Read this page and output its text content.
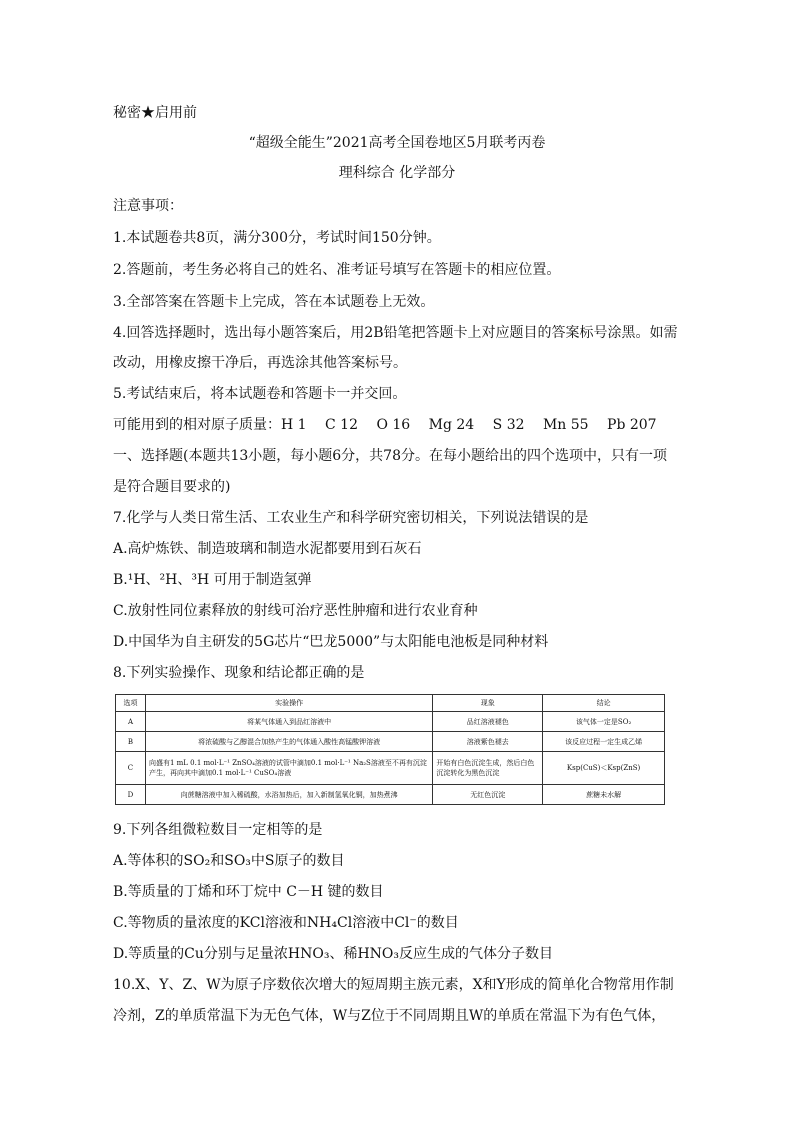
秘密★启用前
“超级全能生”2021高考全国卷地区5月联考丙卷
理科综合 化学部分
注意事项：
1.本试题卷共8页，满分300分，考试时间150分钟。
2.答题前，考生务必将自己的姓名、准考证号填写在答题卡的相应位置。
3.全部答案在答题卡上完成，答在本试题卷上无效。
4.回答选择题时，选出每小题答案后，用2B铅笔把答题卡上对应题目的答案标号涂黑。如需
改动，用橡皮擦干净后，再选涂其他答案标号。
5.考试结束后，将本试题卷和答题卡一并交回。
可能用到的相对原子质量：H 1　 C 12　 O 16　 Mg 24　 S 32　 Mn 55　 Pb 207
一、选择题(本题共13小题，每小题6分，共78分。在每小题给出的四个选项中，只有一项
是符合题目要求的)
7.化学与人类日常生活、工农业生产和科学研究密切相关，下列说法错误的是
A.高炉炼铁、制造玻璃和制造水泥都要用到石灰石
B.¹H、²H、³H 可用于制造氢弹
C.放射性同位素释放的射线可治疗恶性肿瘤和进行农业育种
D.中国华为自主研发的5G芯片“巴龙5000”与太阳能电池板是同种材料
8.下列实验操作、现象和结论都正确的是
选项	实验操作	现象	结论
A	将某气体通入到品红溶液中	品红溶液褪色	该气体一定是SO₂
B	将浓硫酸与乙醇混合加热产生的气体通入酸性高锰酸钾溶液	溶液紫色褪去	该反应过程一定生成乙烯
C	向盛有1 mL 0.1 mol·L⁻¹ ZnSO₄溶液的试管中滴加0.1 mol·L⁻¹ Na₂S溶液至不再有沉淀产生，再向其中滴加0.1 mol·L⁻¹ CuSO₄溶液	开始有白色沉淀生成，然后白色沉淀转化为黑色沉淀	Ksp(CuS)＜Ksp(ZnS)
D	向蔗糖溶液中加入稀硫酸，水浴加热后，加入新制氢氧化铜，加热煮沸	无红色沉淀	蔗糖未水解
9.下列各组微粒数目一定相等的是
A.等体积的SO₂和SO₃中S原子的数目
B.等质量的丁烯和环丁烷中 C－H 键的数目
C.等物质的量浓度的KCl溶液和NH₄Cl溶液中Cl⁻的数目
D.等质量的Cu分别与足量浓HNO₃、稀HNO₃反应生成的气体分子数目
10.X、Y、Z、W为原子序数依次增大的短周期主族元素，X和Y形成的简单化合物常用作制
冷剂，Z的单质常温下为无色气体，W与Z位于不同周期且W的单质在常温下为有色气体，
